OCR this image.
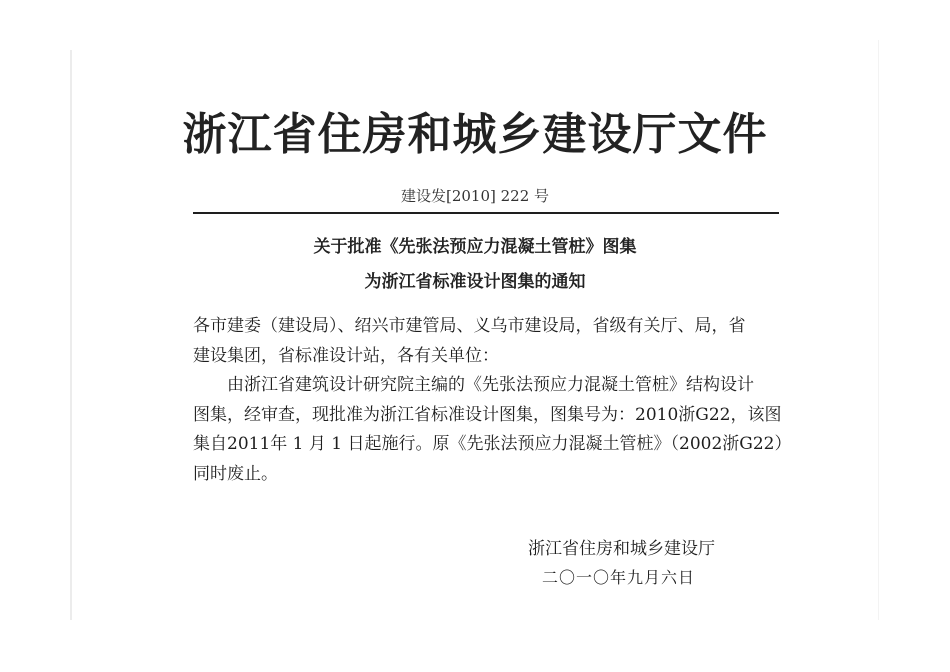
浙江省住房和城乡建设厅文件
建设发[2010] 222 号
关于批准《先张法预应力混凝土管桩》图集
为浙江省标准设计图集的通知

各市建委（建设局）、绍兴市建管局、义乌市建设局，省级有关厅、局，省

建设集团，省标准设计站，各有关单位：

由浙江省建筑设计研究院主编的《先张法预应力混凝土管桩》结构设计

图集，经审查，现批准为浙江省标准设计图集，图集号为：2010浙G22，该图

集自2011年 1 月 1 日起施行。原《先张法预应力混凝土管桩》（2002浙G22）

同时废止。

浙江省住房和城乡建设厅
二〇一〇年九月六日
